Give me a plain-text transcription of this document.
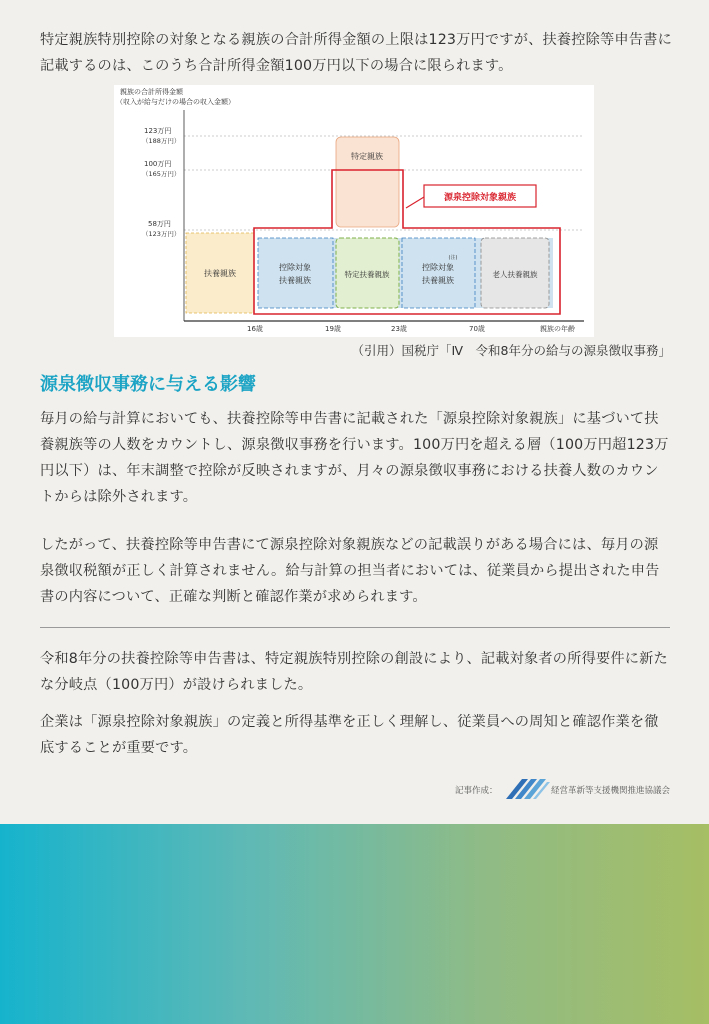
特定親族特別控除の対象となる親族の合計所得金額の上限は123万円ですが、扶養控除等申告書に記載するのは、このうち合計所得金額100万円以下の場合に限られます。

親族の合計所得金額
（収入が給与だけの場合の収入金額）
123万円
（188万円）
100万円
（165万円）
58万円
（123万円）
16歳	19歳	23歳	70歳	親族の年齢
特定親族
扶養親族
控除対象
扶養親族
特定扶養親族
控除対象
扶養親族
(注)
老人扶養親族
源泉控除対象親族

（引用）国税庁「Ⅳ　令和8年分の給与の源泉徴収事務」

源泉徴収事務に与える影響

毎月の給与計算においても、扶養控除等申告書に記載された「源泉控除対象親族」に基づいて扶養親族等の人数をカウントし、源泉徴収事務を行います。100万円を超える層（100万円超123万円以下）は、年末調整で控除が反映されますが、月々の源泉徴収事務における扶養人数のカウントからは除外されます。

したがって、扶養控除等申告書にて源泉控除対象親族などの記載誤りがある場合には、毎月の源泉徴収税額が正しく計算されません。給与計算の担当者においては、従業員から提出された申告書の内容について、正確な判断と確認作業が求められます。

令和8年分の扶養控除等申告書は、特定親族特別控除の創設により、記載対象者の所得要件に新たな分岐点（100万円）が設けられました。

企業は「源泉控除対象親族」の定義と所得基準を正しく理解し、従業員への周知と確認作業を徹底することが重要です。

記事作成：	経営革新等支援機関推進協議会
